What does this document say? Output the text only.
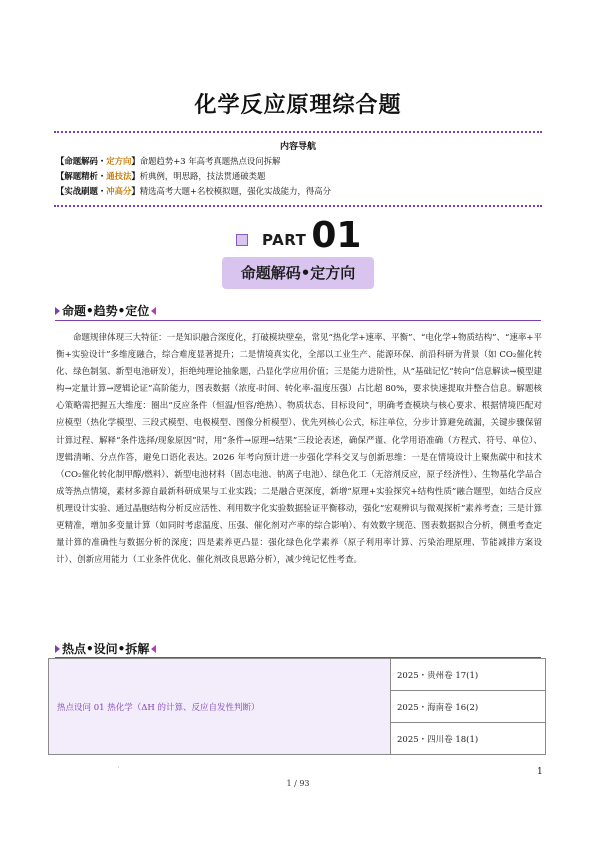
化学反应原理综合题
内容导航
【命题解码・定方向】命题趋势+3 年高考真题热点设问拆解
【解题精析・通技法】析典例，明思路，技法贯通破类题
【实战刷题・冲高分】精选高考大题+名校模拟题，强化实战能力，得高分
PART 01
命题解码•定方向
命题•趋势•定位
命题规律体现三大特征：一是知识融合深度化，打破模块壁垒，常见“热化学+速率、平衡”、“电化学+物质结构”、“速率+平衡+实验设计”多维度融合，综合难度显著提升；二是情境真实化，全部以工业生产、能源环保、前沿科研为背景（如 CO₂催化转化、绿色制氢、新型电池研发），拒绝纯理论抽象题，凸显化学应用价值；三是能力进阶性，从“基础记忆”转向“信息解读→模型建构→定量计算→逻辑论证”高阶能力，图表数据（浓度-时间、转化率-温度压强）占比超 80%，要求快速提取并整合信息。解题核心策略需把握五大维度：圈出“反应条件（恒温/恒容/绝热）、物质状态、目标设问”，明确考查模块与核心要求、根据情境匹配对应模型（热化学模型、三段式模型、电极模型、图像分析模型）、优先列核心公式，标注单位，分步计算避免疏漏，关键步骤保留计算过程、解释“条件选择/现象原因”时，用“条件→原理→结果”三段论表述，确保严谨、化学用语准确（方程式、符号、单位）、逻辑清晰、分点作答，避免口语化表达。2026 年考向预计进一步强化学科交叉与创新思维：一是在情境设计上聚焦碳中和技术（CO₂催化转化制甲醇/燃料）、新型电池材料（固态电池、钠离子电池）、绿色化工（无溶剂反应，原子经济性）、生物基化学品合成等热点情境，素材多源自最新科研成果与工业实践；二是融合更深度，新增“原理+实验探究+结构性质”融合题型，如结合反应机理设计实验、通过晶胞结构分析反应活性、利用数字化实验数据验证平衡移动，强化“宏观辨识与微观探析”素养考查；三是计算更精准，增加多变量计算（如同时考虑温度、压强、催化剂对产率的综合影响）、有效数字规范、图表数据拟合分析，侧重考查定量计算的准确性与数据分析的深度；四是素养更凸显：强化绿色化学素养（原子利用率计算、污染治理原理、节能减排方案设计）、创新应用能力（工业条件优化、催化剂改良思路分析），减少纯记忆性考查。
热点•设问•拆解
热点设问 01 热化学（ΔH 的计算、反应自发性判断）	2025・贵州卷 17(1)
2025・海南卷 16(2)
2025・四川卷 18(1)
'	1
1 / 93
